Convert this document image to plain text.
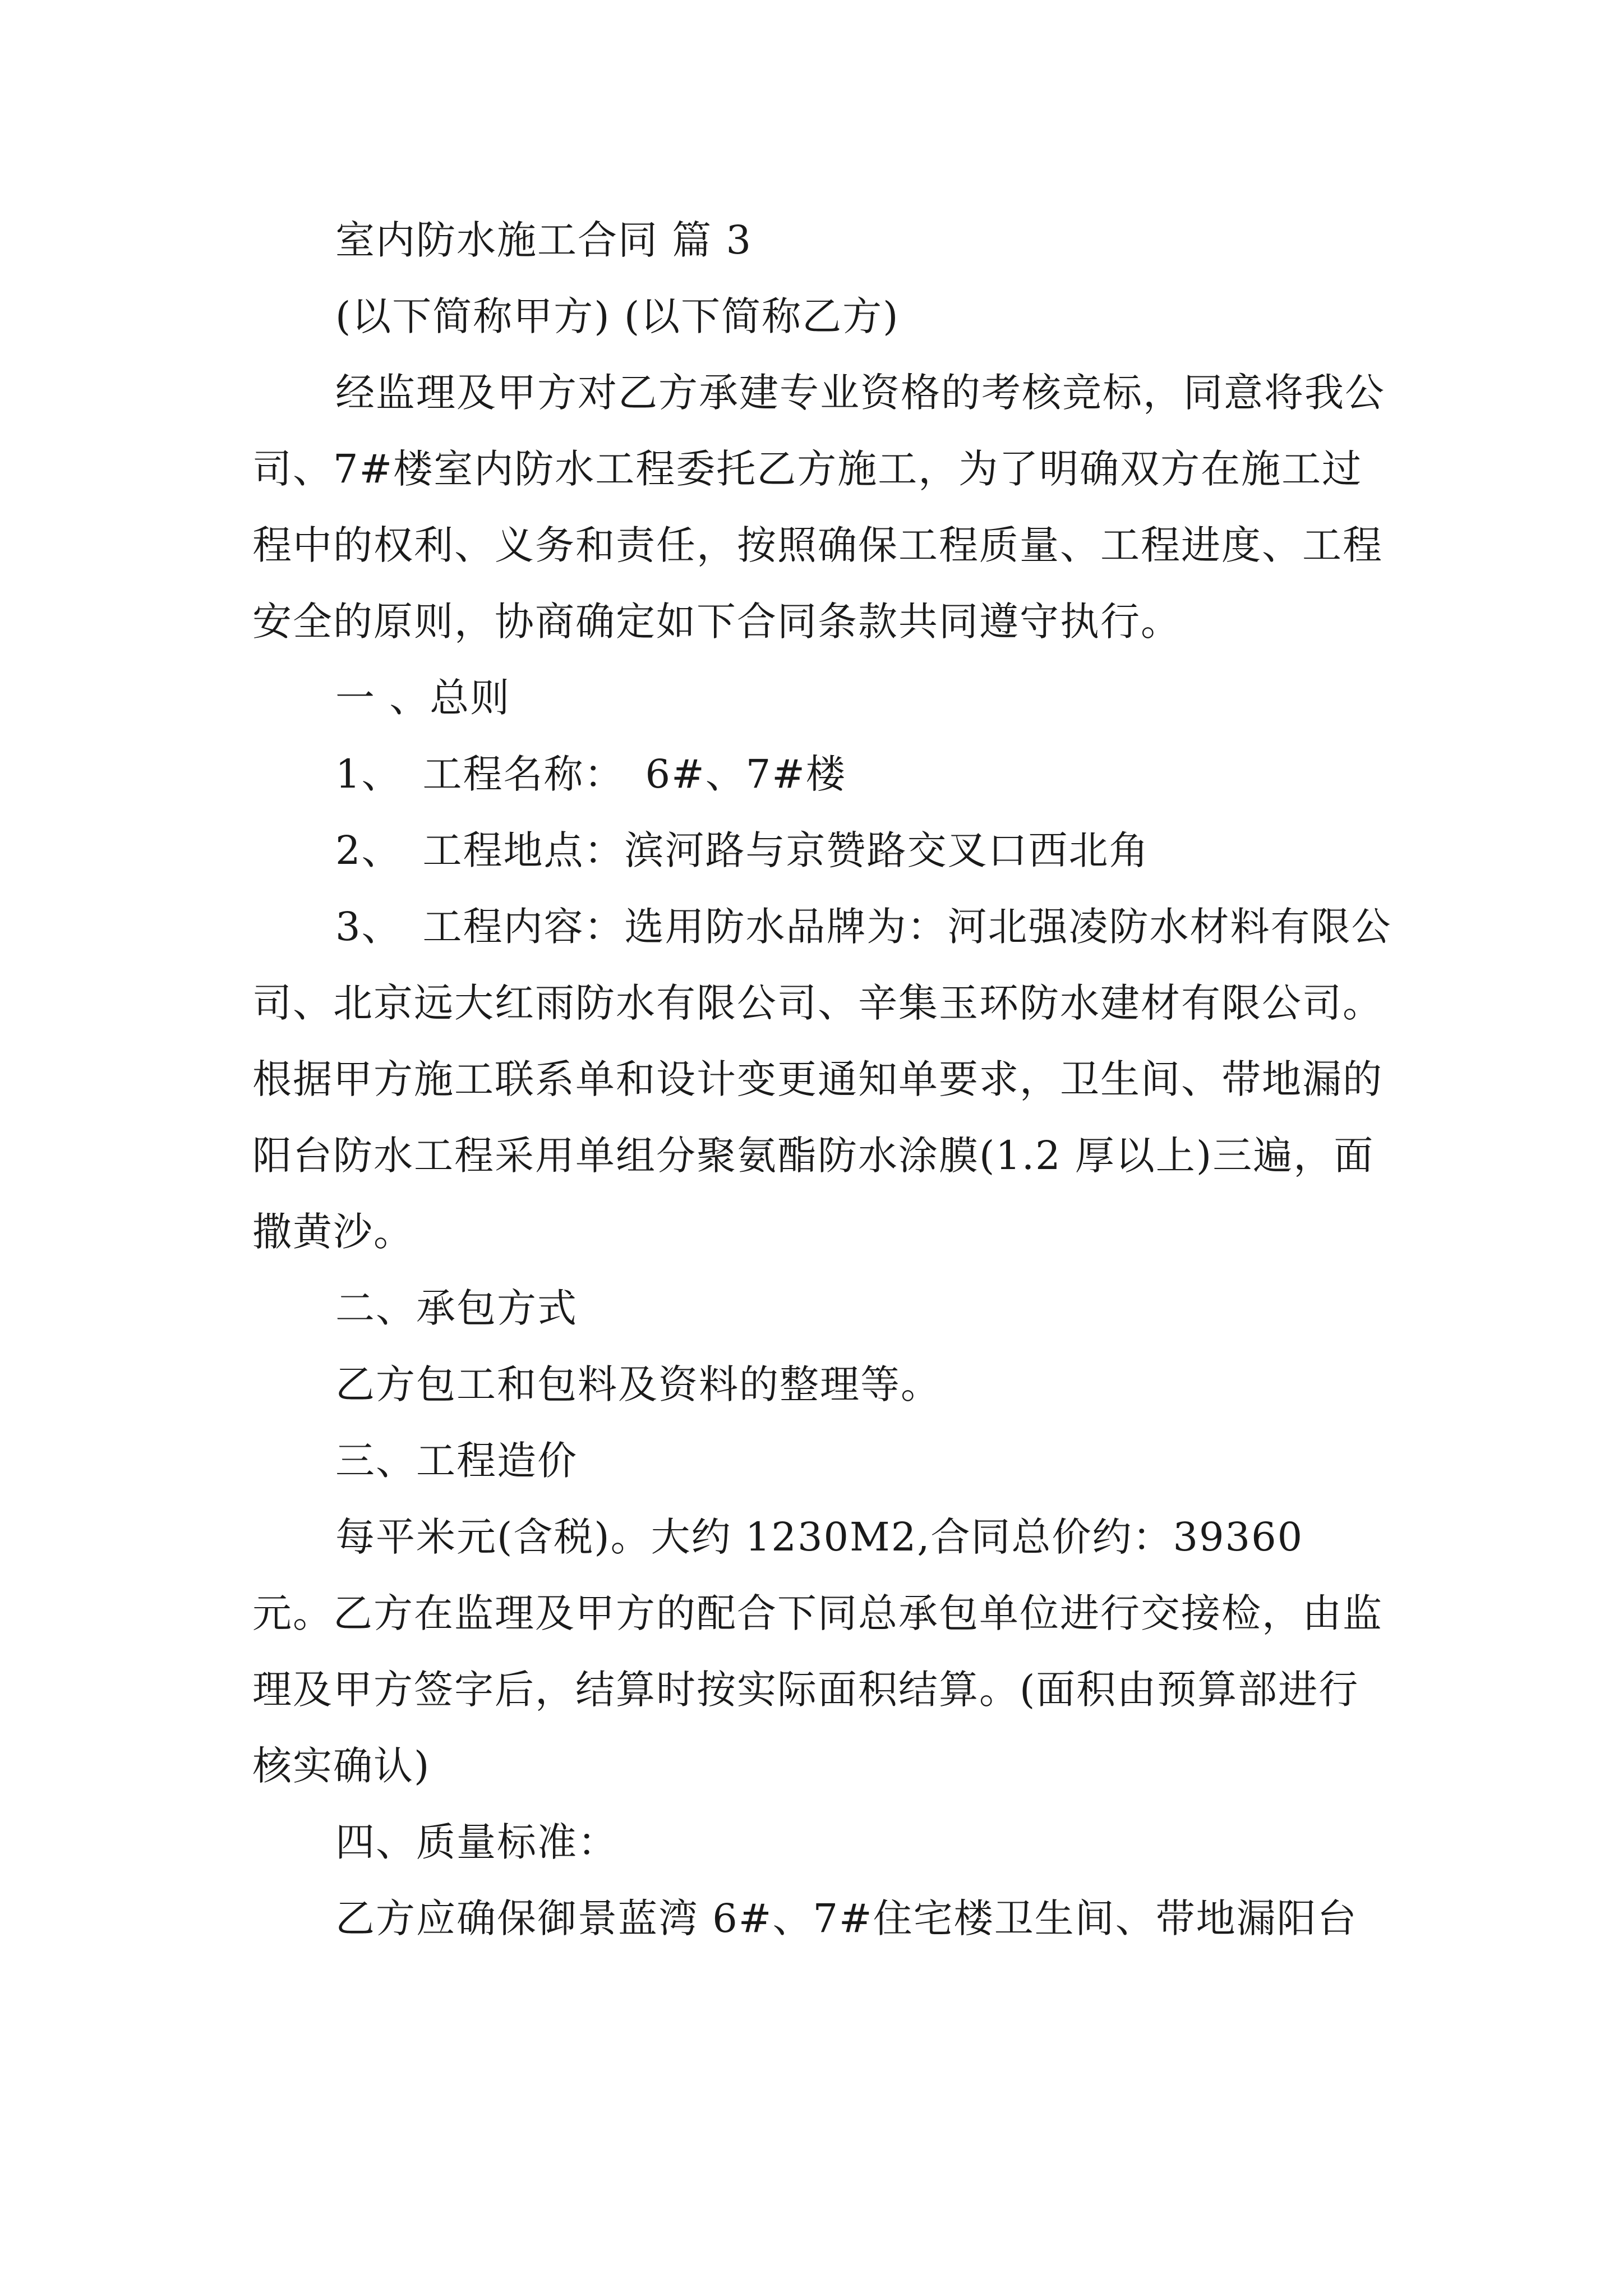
室内防水施工合同 篇 3

(以下简称甲方) (以下简称乙方)

经监理及甲方对乙方承建专业资格的考核竞标，同意将我公司、7#楼室内防水工程委托乙方施工，为了明确双方在施工过程中的权利、义务和责任，按照确保工程质量、工程进度、工程安全的原则，协商确定如下合同条款共同遵守执行。

一 、总则

1、　工程名称：　6#、7#楼

2、　工程地点：滨河路与京赞路交叉口西北角

3、　工程内容：选用防水品牌为：河北强凌防水材料有限公司、北京远大红雨防水有限公司、辛集玉环防水建材有限公司。 根据甲方施工联系单和设计变更通知单要求，卫生间、带地漏的阳台防水工程采用单组分聚氨酯防水涂膜(1.2 厚以上)三遍，面撒黄沙。

二、承包方式

乙方包工和包料及资料的整理等。

三、工程造价

每平米元(含税)。大约 1230M2,合同总价约：39360 元。乙方在监理及甲方的配合下同总承包单位进行交接检，由监理及甲方签字后，结算时按实际面积结算。(面积由预算部进行核实确认)

四、质量标准：

乙方应确保御景蓝湾 6#、7#住宅楼卫生间、带地漏阳台
